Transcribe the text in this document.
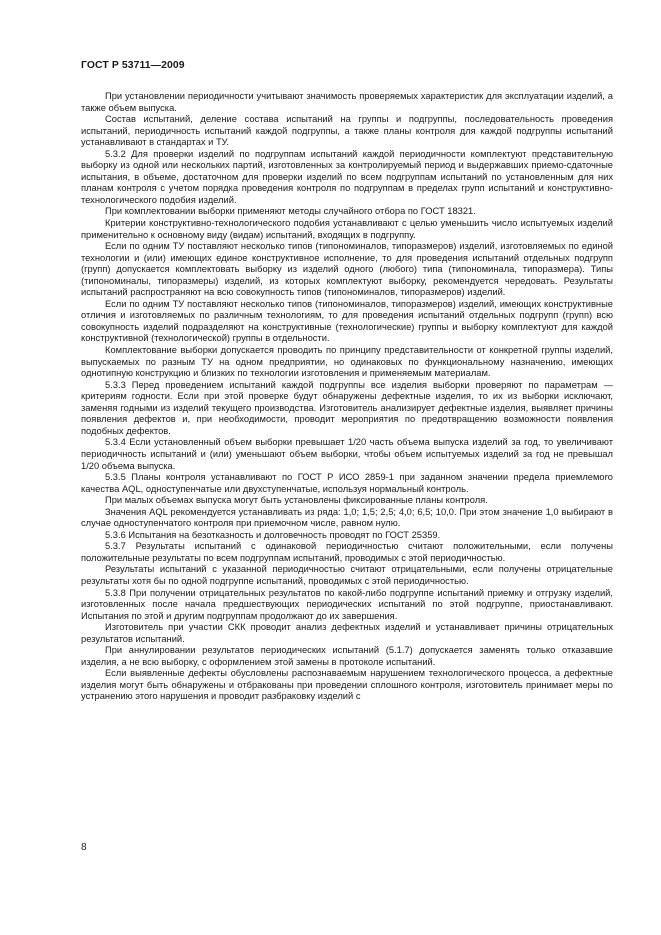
ГОСТ Р 53711—2009

При установлении периодичности учитывают значимость проверяемых характеристик для эксплуатации изделий, а также объем выпуска.

Состав испытаний, деление состава испытаний на группы и подгруппы, последовательность проведения испытаний, периодичность испытаний каждой подгруппы, а также планы контроля для каждой подгруппы испытаний устанавливают в стандартах и ТУ.

5.3.2 Для проверки изделий по подгруппам испытаний каждой периодичности комплектуют представительную выборку из одной или нескольких партий, изготовленных за контролируемый период и выдержавших приемо-сдаточные испытания, в объеме, достаточном для проверки изделий по всем подгруппам испытаний по установленным для них планам контроля с учетом порядка проведения контроля по подгруппам в пределах групп испытаний и конструктивно-технологического подобия изделий.

При комплектовании выборки применяют методы случайного отбора по ГОСТ 18321.

Критерии конструктивно-технологического подобия устанавливают с целью уменьшить число испытуемых изделий применительно к основному виду (видам) испытаний, входящих в подгруппу.

Если по одним ТУ поставляют несколько типов (типономиналов, типоразмеров) изделий, изготовляемых по единой технологии и (или) имеющих единое конструктивное исполнение, то для проведения испытаний отдельных подгрупп (групп) допускается комплектовать выборку из изделий одного (любого) типа (типономинала, типоразмера). Типы (типономиналы, типоразмеры) изделий, из которых комплектуют выборку, рекомендуется чередовать. Результаты испытаний распространяют на всю совокупность типов (типономиналов, типоразмеров) изделий.

Если по одним ТУ поставляют несколько типов (типономиналов, типоразмеров) изделий, имеющих конструктивные отличия и изготовляемых по различным технологиям, то для проведения испытаний отдельных подгрупп (групп) всю совокупность изделий подразделяют на конструктивные (технологические) группы и выборку комплектуют для каждой конструктивной (технологической) группы в отдельности.

Комплектование выборки допускается проводить по принципу представительности от конкретной группы изделий, выпускаемых по разным ТУ на одном предприятии, но одинаковых по функциональному назначению, имеющих однотипную конструкцию и близких по технологии изготовления и применяемым материалам.

5.3.3 Перед проведением испытаний каждой подгруппы все изделия выборки проверяют по параметрам — критериям годности. Если при этой проверке будут обнаружены дефектные изделия, то их из выборки исключают, заменяя годными из изделий текущего производства. Изготовитель анализирует дефектные изделия, выявляет причины появления дефектов и, при необходимости, проводит мероприятия по предотвращению возможности появления подобных дефектов.

5.3.4 Если установленный объем выборки превышает 1/20 часть объема выпуска изделий за год, то увеличивают периодичность испытаний и (или) уменьшают объем выборки, чтобы объем испытуемых изделий за год не превышал 1/20 объема выпуска.

5.3.5 Планы контроля устанавливают по ГОСТ Р ИСО 2859-1 при заданном значении предела приемлемого качества AQL, одноступенчатые или двухступенчатые, используя нормальный контроль.

При малых объемах выпуска могут быть установлены фиксированные планы контроля.

Значения AQL рекомендуется устанавливать из ряда: 1,0; 1,5; 2,5; 4,0; 6,5; 10,0. При этом значение 1,0 выбирают в случае одноступенчатого контроля при приемочном числе, равном нулю.

5.3.6 Испытания на безотказность и долговечность проводят по ГОСТ 25359.

5.3.7 Результаты испытаний с одинаковой периодичностью считают положительными, если получены положительные результаты по всем подгруппам испытаний, проводимых с этой периодичностью.

Результаты испытаний с указанной периодичностью считают отрицательными, если получены отрицательные результаты хотя бы по одной подгруппе испытаний, проводимых с этой периодичностью.

5.3.8 При получении отрицательных результатов по какой-либо подгруппе испытаний приемку и отгрузку изделий, изготовленных после начала предшествующих периодических испытаний по этой подгруппе, приостанавливают. Испытания по этой и другим подгруппам продолжают до их завершения.

Изготовитель при участии СКК проводит анализ дефектных изделий и устанавливает причины отрицательных результатов испытаний.

При аннулировании результатов периодических испытаний (5.1.7) допускается заменять только отказавшие изделия, а не всю выборку, с оформлением этой замены в протоколе испытаний.

Если выявленные дефекты обусловлены распознаваемым нарушением технологического процесса, а дефектные изделия могут быть обнаружены и отбракованы при проведении сплошного контроля, изготовитель принимает меры по устранению этого нарушения и проводит разбраковку изделий с

8
